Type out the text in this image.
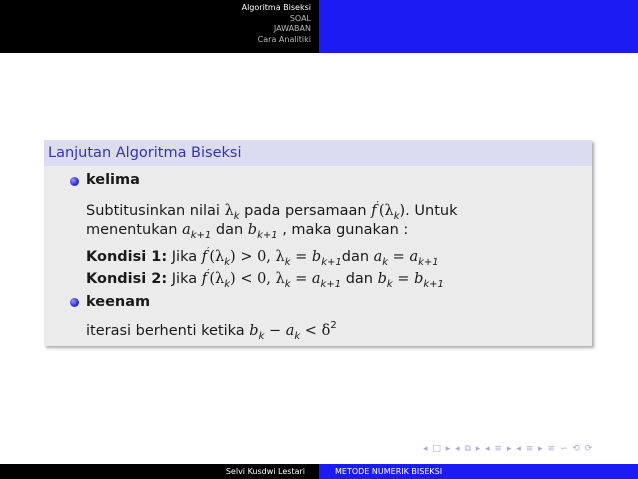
Algoritma Biseksi
SOAL
JAWABAN
Cara Analitiki
Lanjutan Algoritma Biseksi
kelima
Subtitusinkan nilai $\lambda_k$ pada persamaan $f'(\lambda_k)$. Untuk
menentukan $a_{k+1}$ dan $b_{k+1}$ , maka gunakan :
Kondisi 1: Jika $f'(\lambda_k) > 0$, $\lambda_k = b_{k+1}dan$ $a_k = a_{k+1}$
Kondisi 2: Jika $f'(\lambda_k) < 0$, $\lambda_k = a_{k+1}$ dan $b_k = b_{k+1}$
keenam
iterasi berhenti ketika $b_k - a_k < \delta^2$
◂ □ ▸ ◂ ⧉ ▸ ◂ ≡ ▸ ◂ ≡ ▸ ≡ ∽ ⟲ ⟳
Selvi Kusdwi Lestari	METODE NUMERIK BISEKSI
